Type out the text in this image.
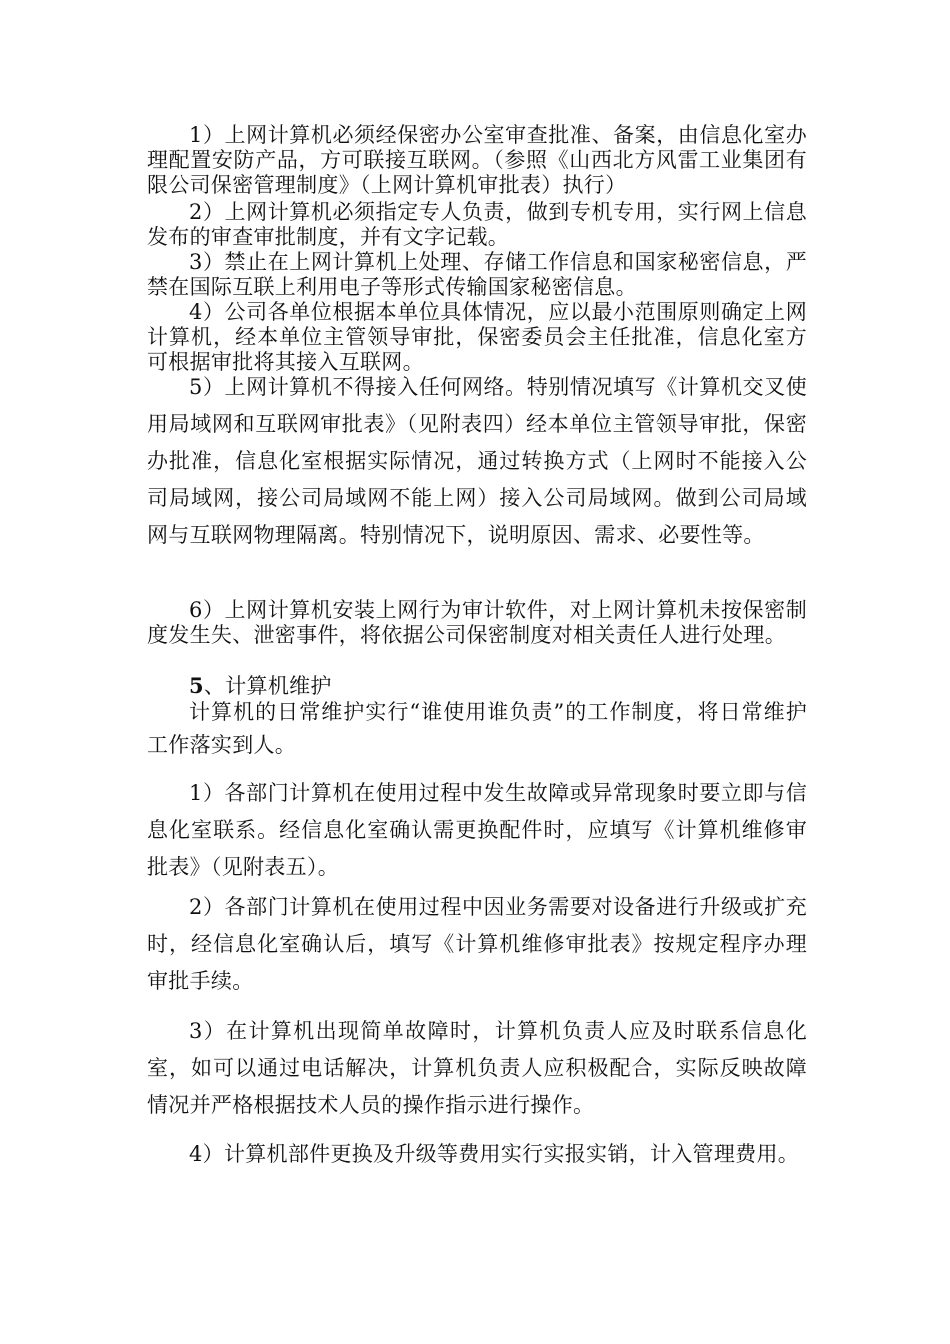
1）上网计算机必须经保密办公室审查批准、备案，由信息化室办理配置安防产品，方可联接互联网。（参照《山西北方风雷工业集团有限公司保密管理制度》（上网计算机审批表）执行）

2）上网计算机必须指定专人负责，做到专机专用，实行网上信息发布的审查审批制度，并有文字记载。

3）禁止在上网计算机上处理、存储工作信息和国家秘密信息，严禁在国际互联上利用电子等形式传输国家秘密信息。

4）公司各单位根据本单位具体情况，应以最小范围原则确定上网计算机，经本单位主管领导审批，保密委员会主任批准，信息化室方可根据审批将其接入互联网。

5）上网计算机不得接入任何网络。特别情况填写《计算机交叉使用局域网和互联网审批表》（见附表四）经本单位主管领导审批，保密办批准，信息化室根据实际情况，通过转换方式（上网时不能接入公司局域网，接公司局域网不能上网）接入公司局域网。做到公司局域网与互联网物理隔离。特别情况下，说明原因、需求、必要性等。

6）上网计算机安装上网行为审计软件，对上网计算机未按保密制度发生失、泄密事件，将依据公司保密制度对相关责任人进行处理。

5、计算机维护

计算机的日常维护实行“谁使用谁负责”的工作制度，将日常维护工作落实到人。

1）各部门计算机在使用过程中发生故障或异常现象时要立即与信息化室联系。经信息化室确认需更换配件时，应填写《计算机维修审批表》（见附表五）。

2）各部门计算机在使用过程中因业务需要对设备进行升级或扩充时，经信息化室确认后，填写《计算机维修审批表》按规定程序办理审批手续。

3）在计算机出现简单故障时，计算机负责人应及时联系信息化室，如可以通过电话解决，计算机负责人应积极配合，实际反映故障情况并严格根据技术人员的操作指示进行操作。

4）计算机部件更换及升级等费用实行实报实销，计入管理费用。
